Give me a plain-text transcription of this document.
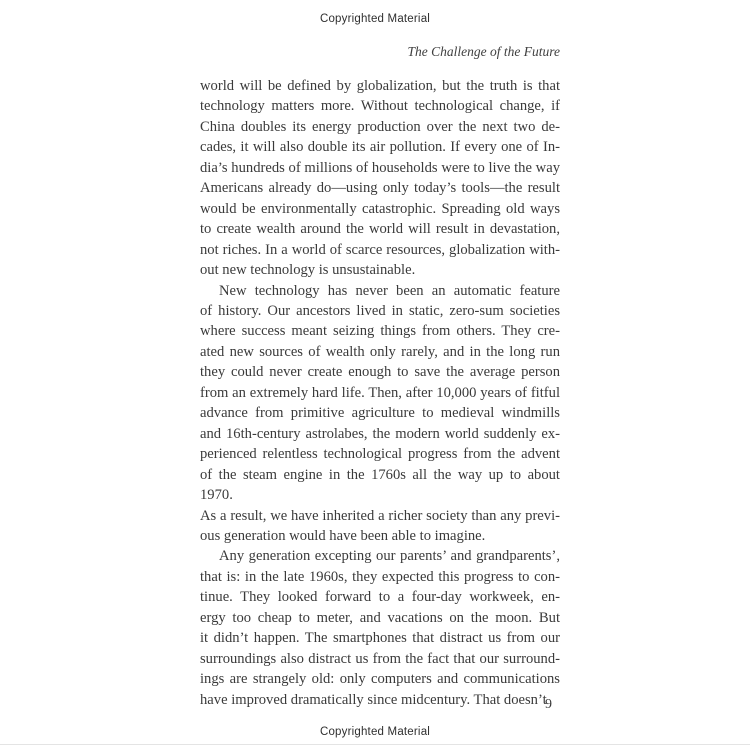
Copyrighted Material
The Challenge of the Future
world will be defined by globalization, but the truth is that
technology matters more. Without technological change, if
China doubles its energy production over the next two de-
cades, it will also double its air pollution. If every one of In-
dia’s hundreds of millions of households were to live the way
Americans already do—using only today’s tools—the result
would be environmentally catastrophic. Spreading old ways
to create wealth around the world will result in devastation,
not riches. In a world of scarce resources, globalization with-
out new technology is unsustainable.
New technology has never been an automatic feature
of history. Our ancestors lived in static, zero-sum societies
where success meant seizing things from others. They cre-
ated new sources of wealth only rarely, and in the long run
they could never create enough to save the average person
from an extremely hard life. Then, after 10,000 years of fitful
advance from primitive agriculture to medieval windmills
and 16th-century astrolabes, the modern world suddenly ex-
perienced relentless technological progress from the advent
of the steam engine in the 1760s all the way up to about 1970.
As a result, we have inherited a richer society than any previ-
ous generation would have been able to imagine.
Any generation excepting our parents’ and grandparents’,
that is: in the late 1960s, they expected this progress to con-
tinue. They looked forward to a four-day workweek, en-
ergy too cheap to meter, and vacations on the moon. But
it didn’t happen. The smartphones that distract us from our
surroundings also distract us from the fact that our surround-
ings are strangely old: only computers and communications
have improved dramatically since midcentury. That doesn’t
9
Copyrighted Material
